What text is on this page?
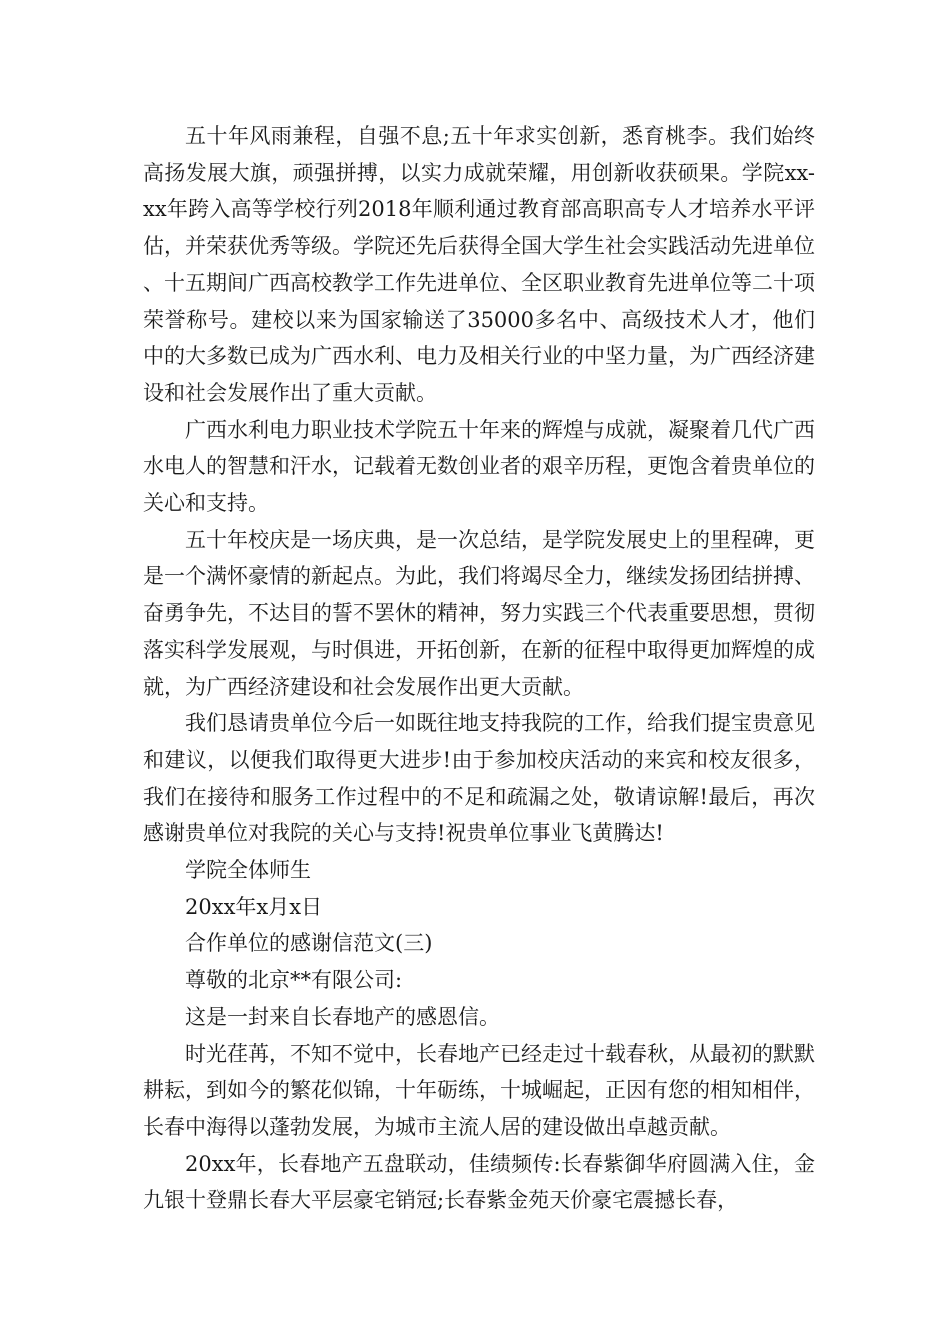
五十年风雨兼程，自强不息;五十年求实创新，悉育桃李。我们始终高扬发展大旗，顽强拼搏，以实力成就荣耀，用创新收获硕果。学院xx-xx年跨入高等学校行列2018年顺利通过教育部高职高专人才培养水平评估，并荣获优秀等级。学院还先后获得全国大学生社会实践活动先进单位 、十五期间广西高校教学工作先进单位、全区职业教育先进单位等二十项荣誉称号。建校以来为国家输送了35000多名中、高级技术人才，他们中的大多数已成为广西水利、电力及相关行业的中坚力量，为广西经济建设和社会发展作出了重大贡献。

广西水利电力职业技术学院五十年来的辉煌与成就，凝聚着几代广西水电人的智慧和汗水，记载着无数创业者的艰辛历程，更饱含着贵单位的关心和支持。

五十年校庆是一场庆典，是一次总结，是学院发展史上的里程碑，更是一个满怀豪情的新起点。为此，我们将竭尽全力，继续发扬团结拼搏、奋勇争先，不达目的誓不罢休的精神，努力实践三个代表重要思想，贯彻落实科学发展观，与时俱进，开拓创新，在新的征程中取得更加辉煌的成就，为广西经济建设和社会发展作出更大贡献。

我们恳请贵单位今后一如既往地支持我院的工作，给我们提宝贵意见和建议，以便我们取得更大进步!由于参加校庆活动的来宾和校友很多，我们在接待和服务工作过程中的不足和疏漏之处，敬请谅解!最后，再次感谢贵单位对我院的关心与支持!祝贵单位事业飞黄腾达!

学院全体师生

20xx年x月x日

合作单位的感谢信范文(三)

尊敬的北京**有限公司:

这是一封来自长春地产的感恩信。

时光荏苒，不知不觉中，长春地产已经走过十载春秋，从最初的默默耕耘，到如今的繁花似锦，十年砺练，十城崛起，正因有您的相知相伴，长春中海得以蓬勃发展，为城市主流人居的建设做出卓越贡献。

20xx年，长春地产五盘联动，佳绩频传:长春紫御华府圆满入住，金九银十登鼎长春大平层豪宅销冠;长春紫金苑天价豪宅震撼长春，
